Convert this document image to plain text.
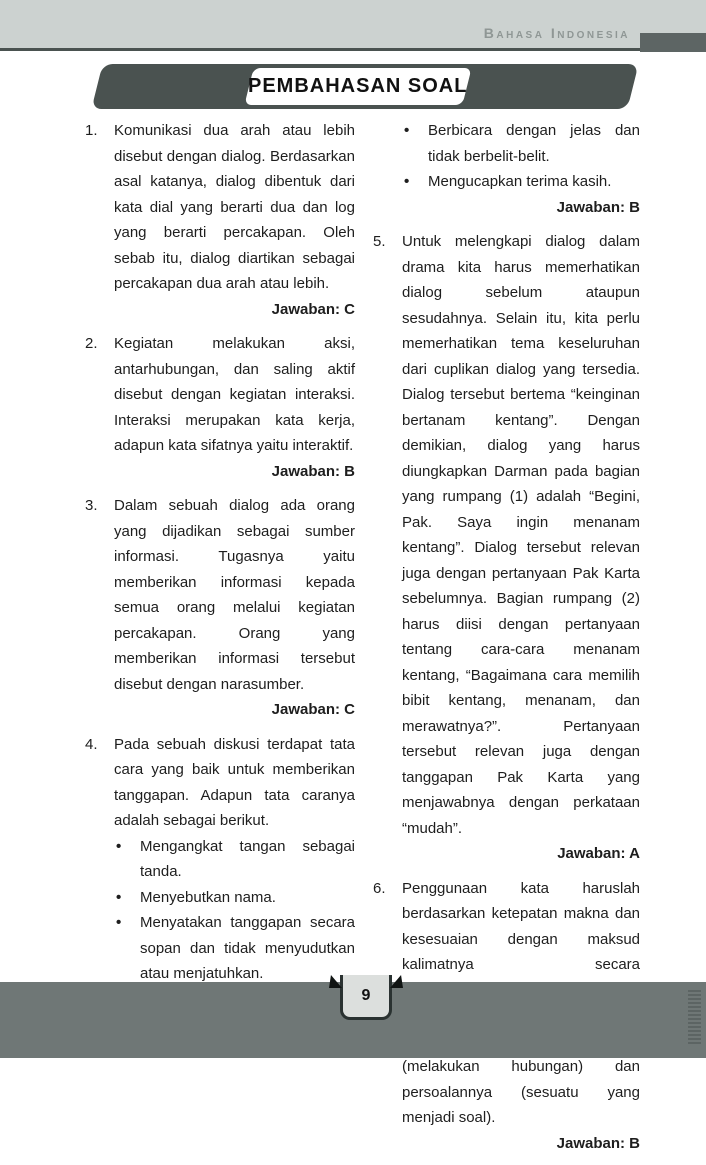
Bahasa Indonesia
PEMBAHASAN SOAL
1.	Komunikasi dua arah atau lebih disebut dengan dialog. Berdasarkan asal katanya, dialog dibentuk dari kata dial yang berarti dua dan log yang berarti percakapan. Oleh sebab itu, dialog diartikan sebagai percakapan dua arah atau lebih.

Jawaban: C
2.	Kegiatan melakukan aksi, antarhubungan, dan saling aktif disebut dengan kegiatan interaksi. Interaksi merupakan kata kerja, adapun kata sifatnya yaitu interaktif.

Jawaban: B
3.	Dalam sebuah dialog ada orang yang dijadikan sebagai sumber informasi. Tugasnya yaitu memberikan informasi kepada semua orang melalui kegiatan percakapan. Orang yang memberikan informasi tersebut disebut dengan narasumber.

Jawaban: C
4.	Pada sebuah diskusi terdapat tata cara yang baik untuk memberikan tanggapan. Adapun tata caranya adalah sebagai berikut.

•

Mengangkat tangan sebagai tanda.

•

Menyebutkan nama.

•

Menyatakan tanggapan secara sopan dan tidak menyudutkan atau menjatuhkan.

•

Berbicara dengan jelas dan tidak berbelit-belit.

•

Mengucapkan terima kasih.

Jawaban: B
5.	Untuk melengkapi dialog dalam drama kita harus memerhatikan dialog sebelum ataupun sesudahnya. Selain itu, kita perlu memerhatikan tema keseluruhan dari cuplikan dialog yang tersedia. Dialog tersebut bertema “keinginan bertanam kentang”. Dengan demikian, dialog yang harus diungkapkan Darman pada bagian yang rumpang (1) adalah “Begini, Pak. Saya ingin menanam kentang”. Dialog tersebut relevan juga dengan pertanyaan Pak Karta sebelumnya. Bagian rumpang (2) harus diisi dengan pertanyaan tentang cara-cara menanam kentang, “Bagaimana cara memilih bibit kentang, menanam, dan merawatnya?”. Pertanyaan tersebut relevan juga dengan tanggapan Pak Karta yang menjawabnya dengan perkataan “mudah”.

Jawaban: A
6.	Penggunaan kata haruslah berdasarkan ketepatan makna dan kesesuaian dengan maksud kalimatnya secara (melakukan hubungan) dan persoalannya (sesuatu yang menjadi soal).

Jawaban: B
9
